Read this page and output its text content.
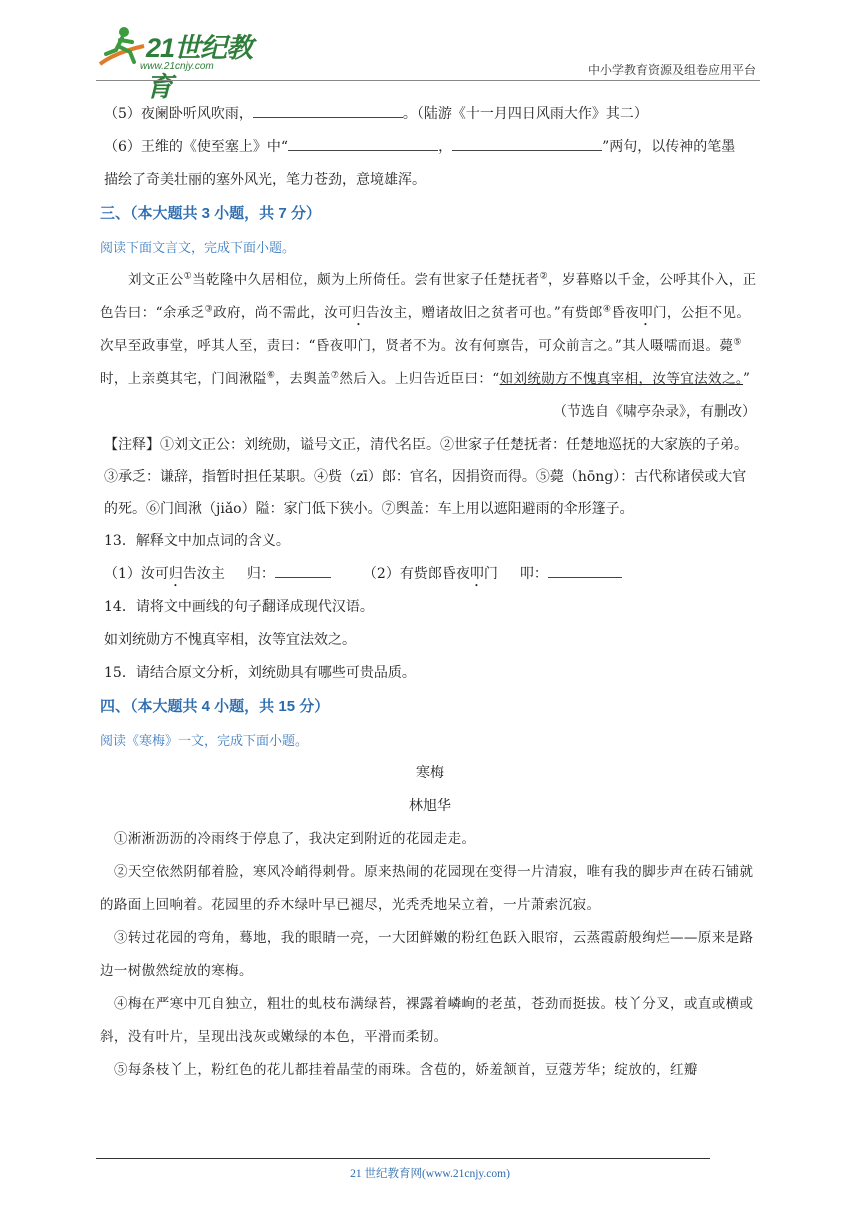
21世纪教育
www.21cnjy.com	中小学教育资源及组卷应用平台

（5）夜阑卧听风吹雨，	。（陆游《十一月四日风雨大作》其二）

（6）王维的《使至塞上》中“	，	”两句，以传神的笔墨

描绘了奇美壮丽的塞外风光，笔力苍劲，意境雄浑。

三、（本大题共 3 小题，共 7 分）

阅读下面文言文，完成下面小题。

刘文正公①当乾隆中久居相位，颇为上所倚任。尝有世家子任楚抚者②，岁暮赂以千金，公呼其仆入，正色告曰：“余承乏③政府，尚不需此，汝可归告汝主，赠诸故旧之贫者可也。”有赀郎④昏夜叩门，公拒不见。次早至政事堂，呼其人至，责曰：“昏夜叩门，贤者不为。汝有何禀告，可众前言之。”其人嗫嚅而退。薨⑤时，上亲奠其宅，门闾湫隘⑥，去舆盖⑦然后入。上归告近臣曰：“如刘统勋方不愧真宰相，汝等宜法效之。”

（节选自《啸亭杂录》，有删改）

【注释】①刘文正公：刘统勋，谥号文正，清代名臣。②世家子任楚抚者：任楚地巡抚的大家族的子弟。③承乏：谦辞，指暂时担任某职。④赀（zī）郎：官名，因捐资而得。⑤薨（hōng）：古代称诸侯或大官的死。⑥门闾湫（jiǎo）隘：家门低下狭小。⑦舆盖：车上用以遮阳避雨的伞形篷子。

13．解释文中加点词的含义。

（1）汝可归告汝主 归：	（2）有赀郎昏夜叩门 叩：

14．请将文中画线的句子翻译成现代汉语。

如刘统勋方不愧真宰相，汝等宜法效之。

15．请结合原文分析，刘统勋具有哪些可贵品质。

四、（本大题共 4 小题，共 15 分）

阅读《寒梅》一文，完成下面小题。

寒梅

林旭华

①淅淅沥沥的冷雨终于停息了，我决定到附近的花园走走。

②天空依然阴郁着脸，寒风冷峭得刺骨。原来热闹的花园现在变得一片清寂，唯有我的脚步声在砖石铺就的路面上回响着。花园里的乔木绿叶早已褪尽，光秃秃地呆立着，一片萧索沉寂。

③转过花园的弯角，蓦地，我的眼睛一亮，一大团鲜嫩的粉红色跃入眼帘，云蒸霞蔚般绚烂——原来是路边一树傲然绽放的寒梅。

④梅在严寒中兀自独立，粗壮的虬枝布满绿苔，裸露着嶙峋的老茧，苍劲而挺拔。枝丫分叉，或直或横或斜，没有叶片，呈现出浅灰或嫩绿的本色，平滑而柔韧。

⑤每条枝丫上，粉红色的花儿都挂着晶莹的雨珠。含苞的，娇羞颔首，豆蔻芳华；绽放的，红瓣

21 世纪教育网(www.21cnjy.com)
